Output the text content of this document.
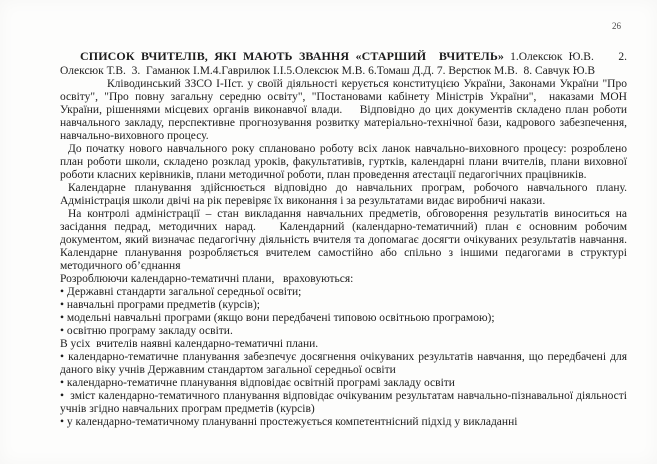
26

СПИСОК ВЧИТЕЛІВ, ЯКІ МАЮТЬ ЗВАННЯ «СТАРШИЙ  ВЧИТЕЛЬ» 1.Олексюк Ю.В.    2. Олексюк Т.В.  3.  Гаманюк І.М.4.Гаврилюк І.І.5.Олексюк М.В. 6.Томаш Д.Д. 7. Верстюк М.В.  8. Савчук Ю.В

Кліводинський ЗЗСО І-ІІст. у своїй діяльності керується конституцією України, Законами України "Про освіту", "Про повну загальну середню освіту", "Постановами кабінету Міністрів України",  наказами МОН України, рішеннями місцевих органів виконавчої влади.    Відповідно до цих документів складено план роботи навчального закладу, перспективне прогнозування розвитку матеріально-технічної бази, кадрового забезпечення, навчально-виховного процесу.

До початку нового навчального року сплановано роботу всіх ланок навчально-виховного процесу: розроблено план роботи школи, складено розклад уроків, факультативів, гуртків, календарні плани вчителів, плани виховної роботи класних керівників, плани методичної роботи, план проведення атестації педагогічних працівників.

Календарне планування здійснюється відповідно до навчальних програм, робочого навчального плану. Адміністрація школи двічі на рік перевіряє їх виконання і за результатами видає виробничі накази.

На контролі адміністрації – стан викладання навчальних предметів, обговорення результатів виноситься на засідання педрад, методичних нарад.   Календарний (календарно-тематичний) план є основним робочим документом, який визначає педагогічну діяльність вчителя та допомагає досягти очікуваних результатів навчання. Календарне планування розробляється вчителем самостійно або спільно з іншими педагогами в структурі методичного об’єднання

Розроблюючи календарно-тематичні плани,   враховуються:

• Державні стандарти загальної середньої освіти;

• навчальні програми предметів (курсів);

• модельні навчальні програми (якщо вони передбачені типовою освітньою програмою);

• освітню програму закладу освіти.

В усіх  вчителів наявні календарно-тематичні плани.

• календарно-тематичне планування забезпечує досягнення очікуваних результатів навчання, що передбачені для даного віку учнів Державним стандартом загальної середньої освіти

• календарно-тематичне планування відповідає освітній програмі закладу освіти

•  зміст календарно-тематичного планування відповідає очікуваним результатам навчально-пізнавальної діяльності учнів згідно навчальних програм предметів (курсів)

• у календарно-тематичному плануванні простежується компетентнісний підхід у викладанні
